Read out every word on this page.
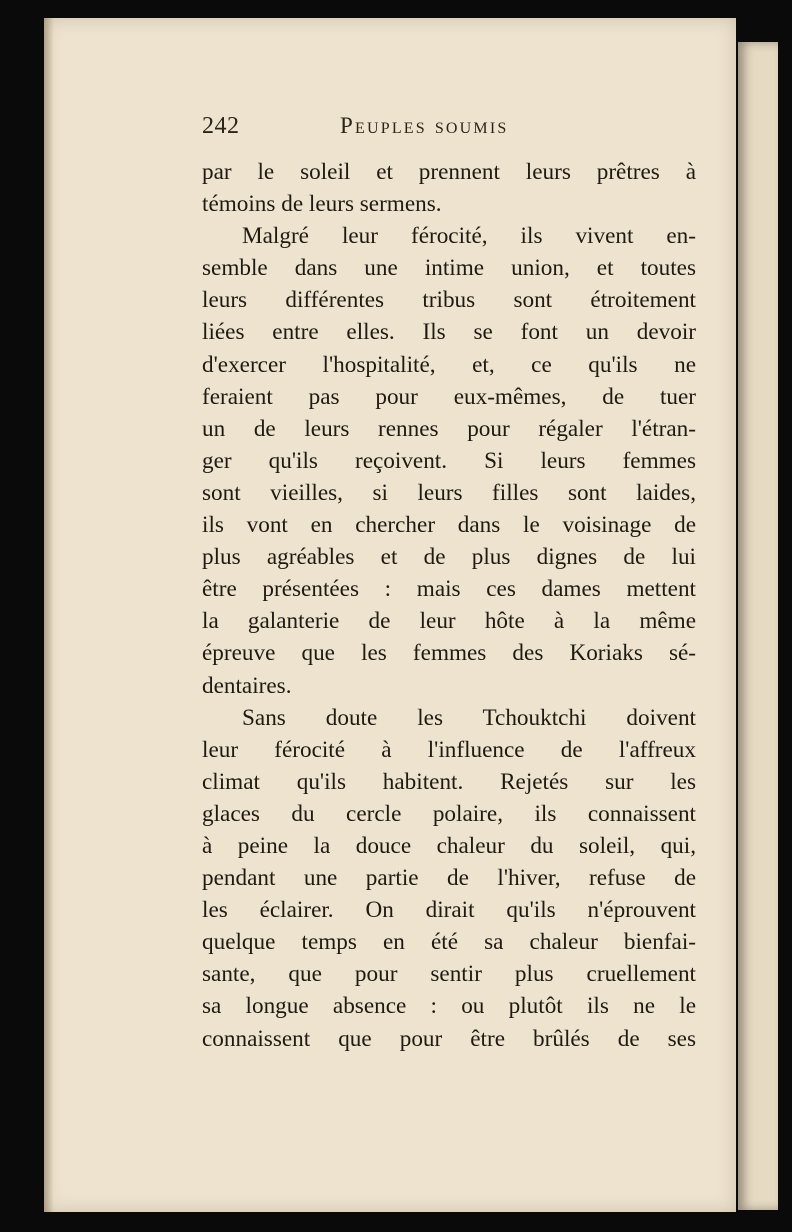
242	Peuples soumis
par le soleil et prennent leurs prêtres à
témoins de leurs sermens.
Malgré leur férocité, ils vivent en-
semble dans une intime union, et toutes
leurs différentes tribus sont étroitement
liées entre elles. Ils se font un devoir
d'exercer l'hospitalité, et, ce qu'ils ne
feraient pas pour eux-mêmes, de tuer
un de leurs rennes pour régaler l'étran-
ger qu'ils reçoivent. Si leurs femmes
sont vieilles, si leurs filles sont laides,
ils vont en chercher dans le voisinage de
plus agréables et de plus dignes de lui
être présentées : mais ces dames mettent
la galanterie de leur hôte à la même
épreuve que les femmes des Koriaks sé-
dentaires.
Sans doute les Tchouktchi doivent
leur férocité à l'influence de l'affreux
climat qu'ils habitent. Rejetés sur les
glaces du cercle polaire, ils connaissent
à peine la douce chaleur du soleil, qui,
pendant une partie de l'hiver, refuse de
les éclairer. On dirait qu'ils n'éprouvent
quelque temps en été sa chaleur bienfai-
sante, que pour sentir plus cruellement
sa longue absence : ou plutôt ils ne le
connaissent que pour être brûlés de ses
